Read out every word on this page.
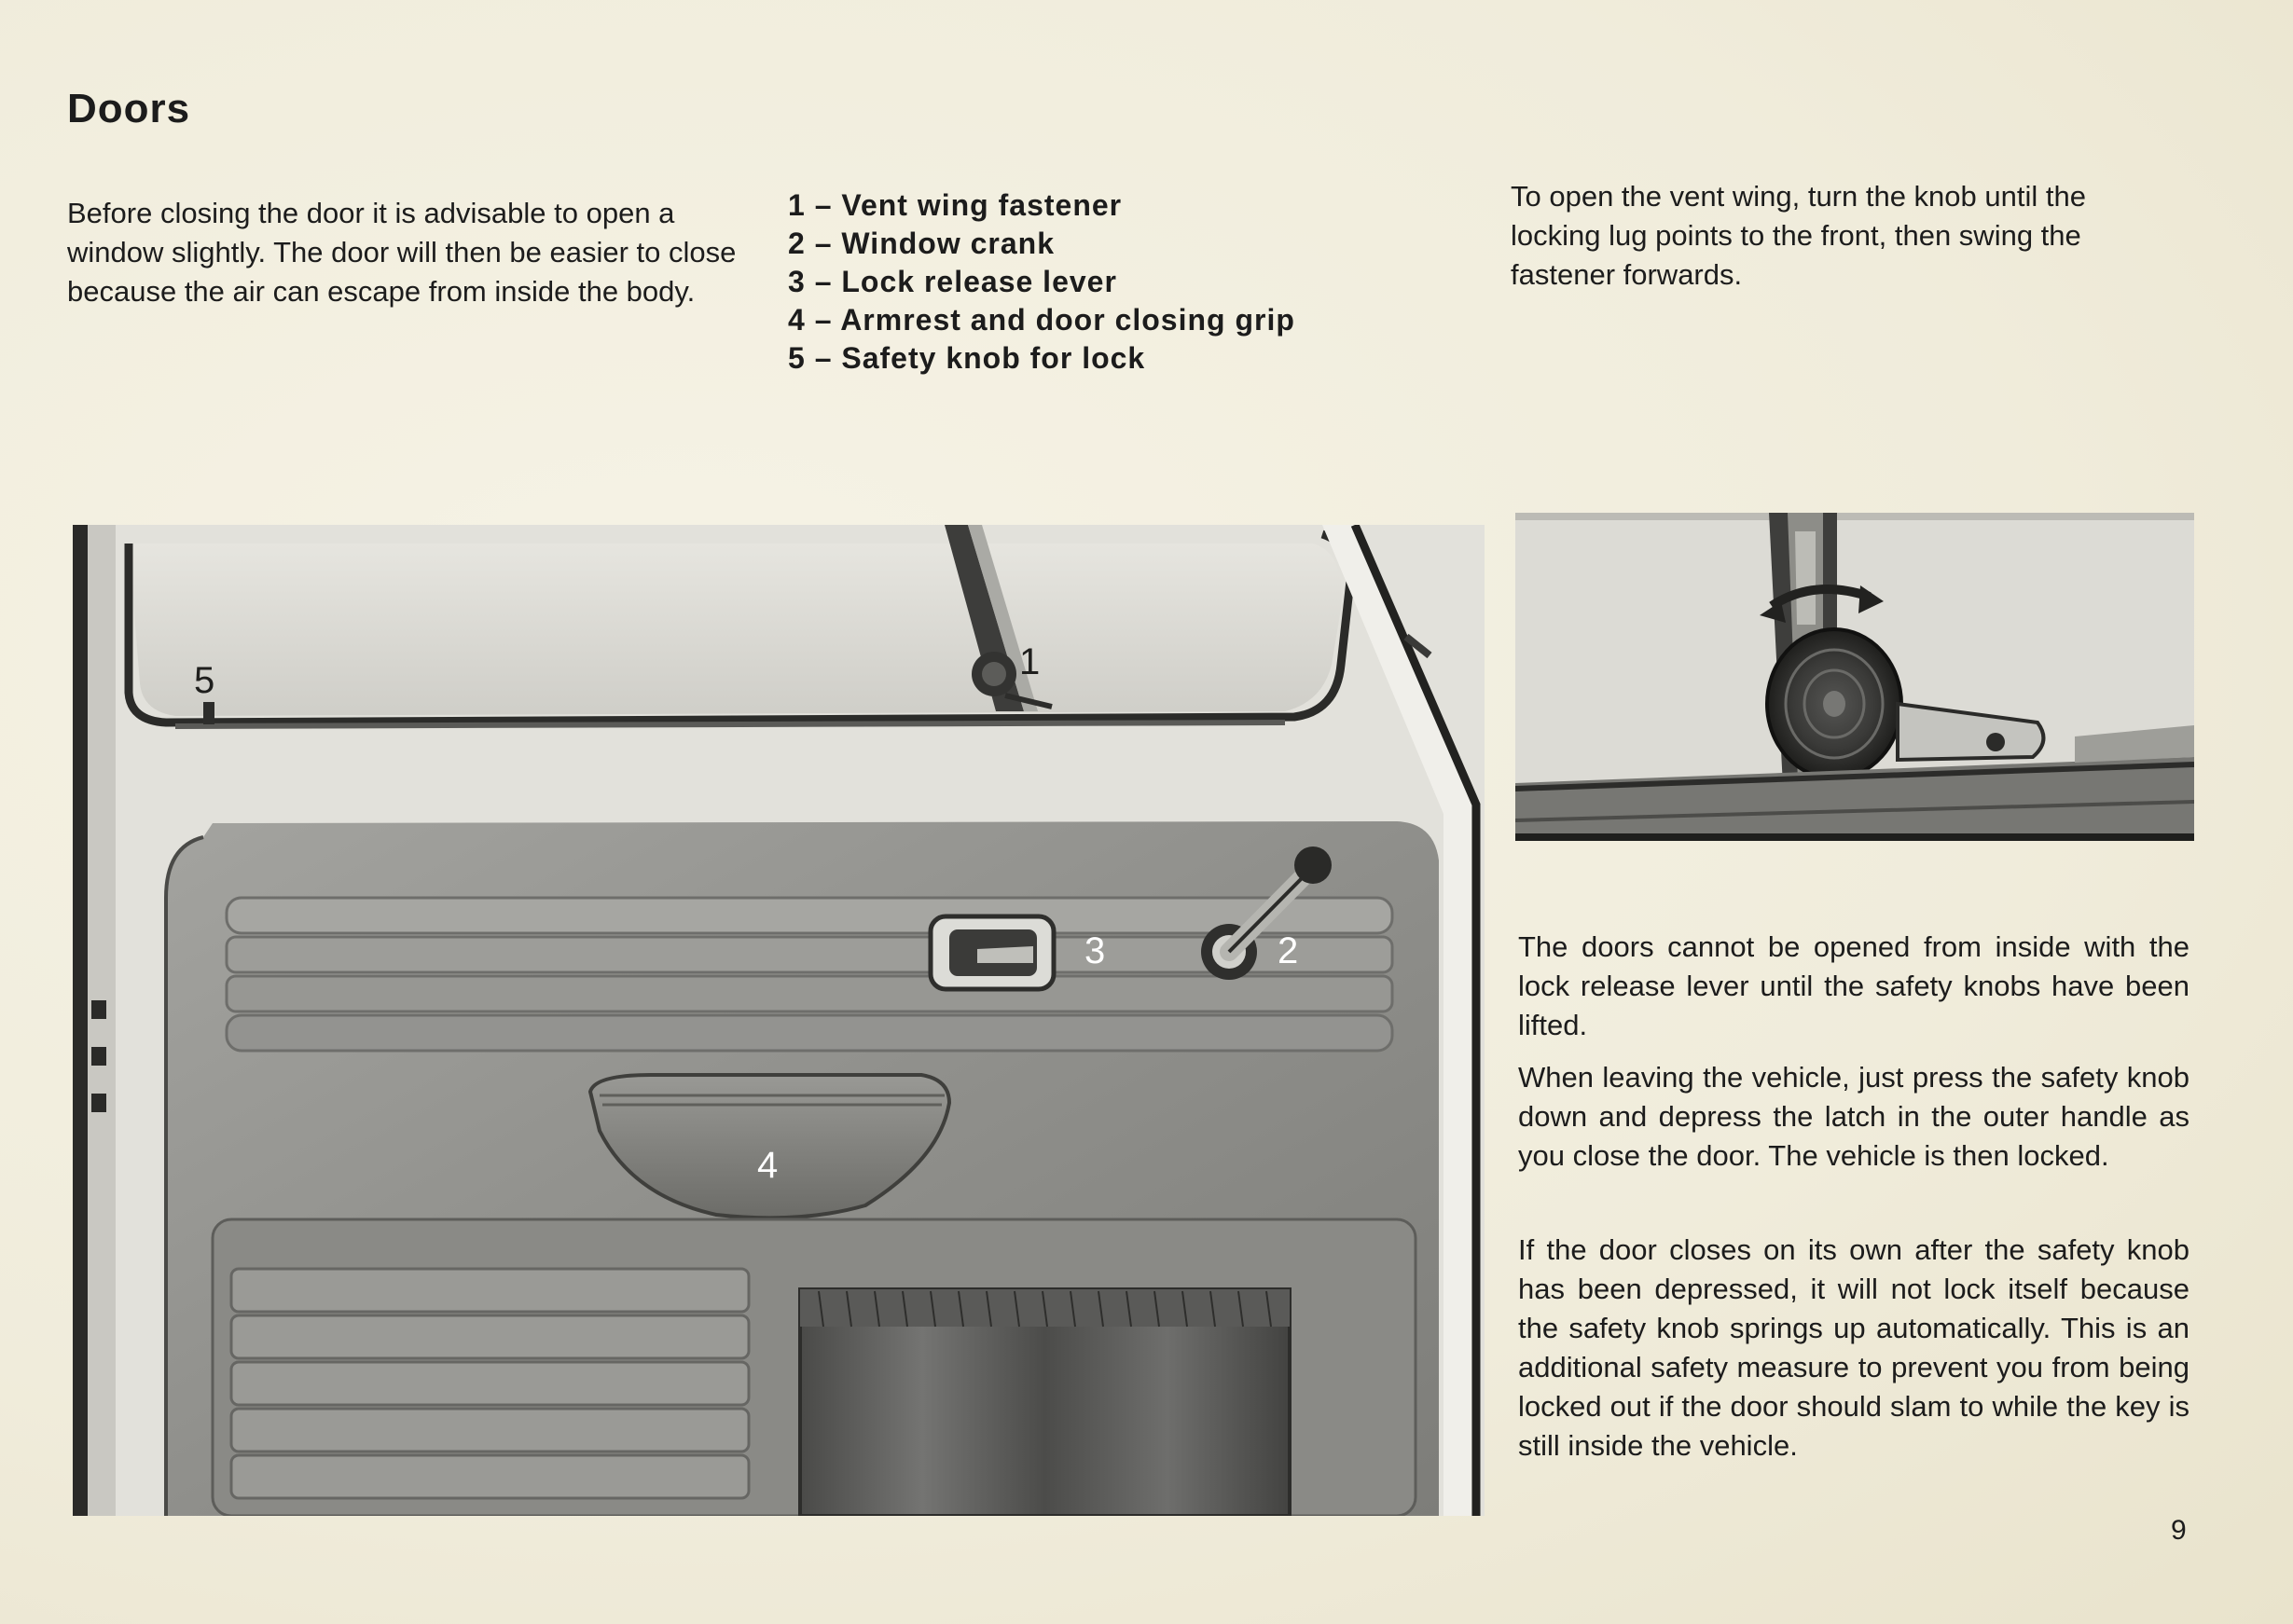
Doors

Before closing the door it is advisable to open a window slightly. The door will then be easier to close because the air can escape from inside the body.

1 – Vent wing fastener
2 – Window crank
3 – Lock release lever
4 – Armrest and door closing grip
5 – Safety knob for lock

To open the vent wing, turn the knob until the locking lug points to the front, then swing the fastener forwards.

1
2
3
4
5

The doors cannot be opened from inside with the lock release lever until the safety knobs have been lifted.

When leaving the vehicle, just press the safety knob down and depress the latch in the outer handle as you close the door. The vehicle is then locked.

If the door closes on its own after the safety knob has been depressed, it will not lock itself because the safety knob springs up automatically. This is an additional safety measure to prevent you from being locked out if the door should slam to while the key is still inside the vehicle.

9
